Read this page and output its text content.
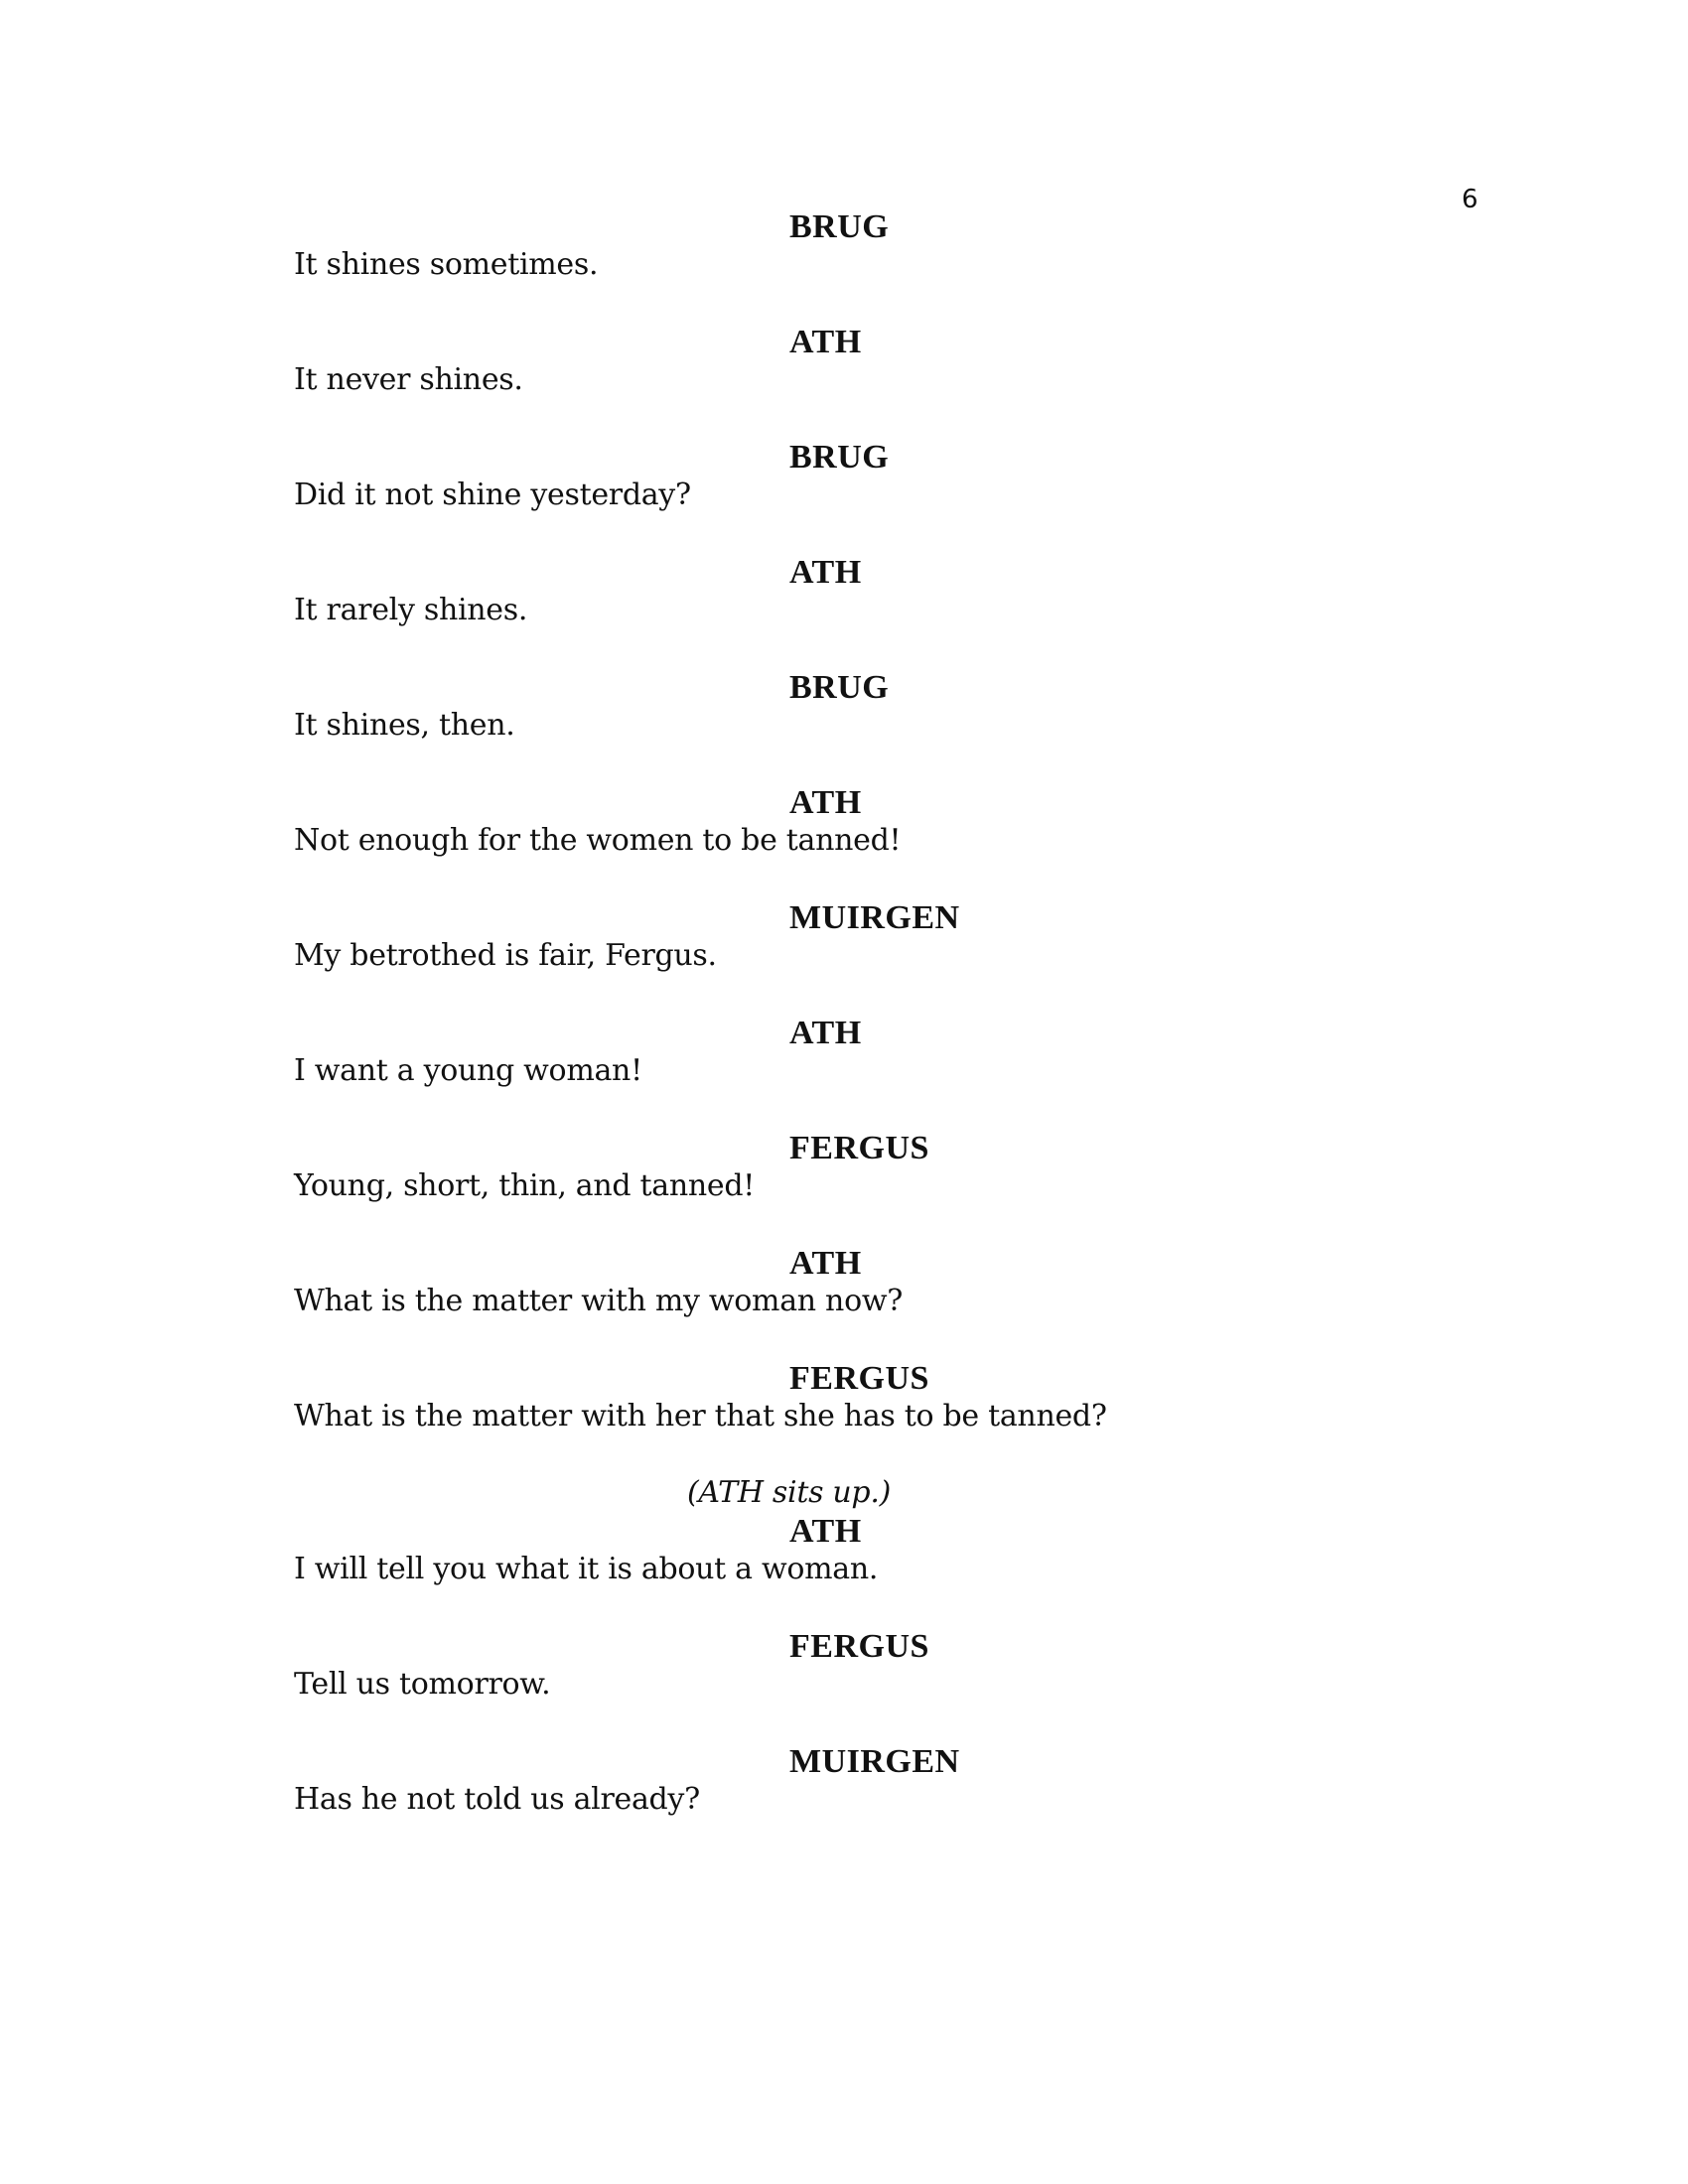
6
BRUG
It shines sometimes.
ATH
It never shines.
BRUG
Did it not shine yesterday?
ATH
It rarely shines.
BRUG
It shines, then.
ATH
Not enough for the women to be tanned!
MUIRGEN
My betrothed is fair, Fergus.
ATH
I want a young woman!
FERGUS
Young, short, thin, and tanned!
ATH
What is the matter with my woman now?
FERGUS
What is the matter with her that she has to be tanned?
(ATH sits up.)
ATH
I will tell you what it is about a woman.
FERGUS
Tell us tomorrow.
MUIRGEN
Has he not told us already?
